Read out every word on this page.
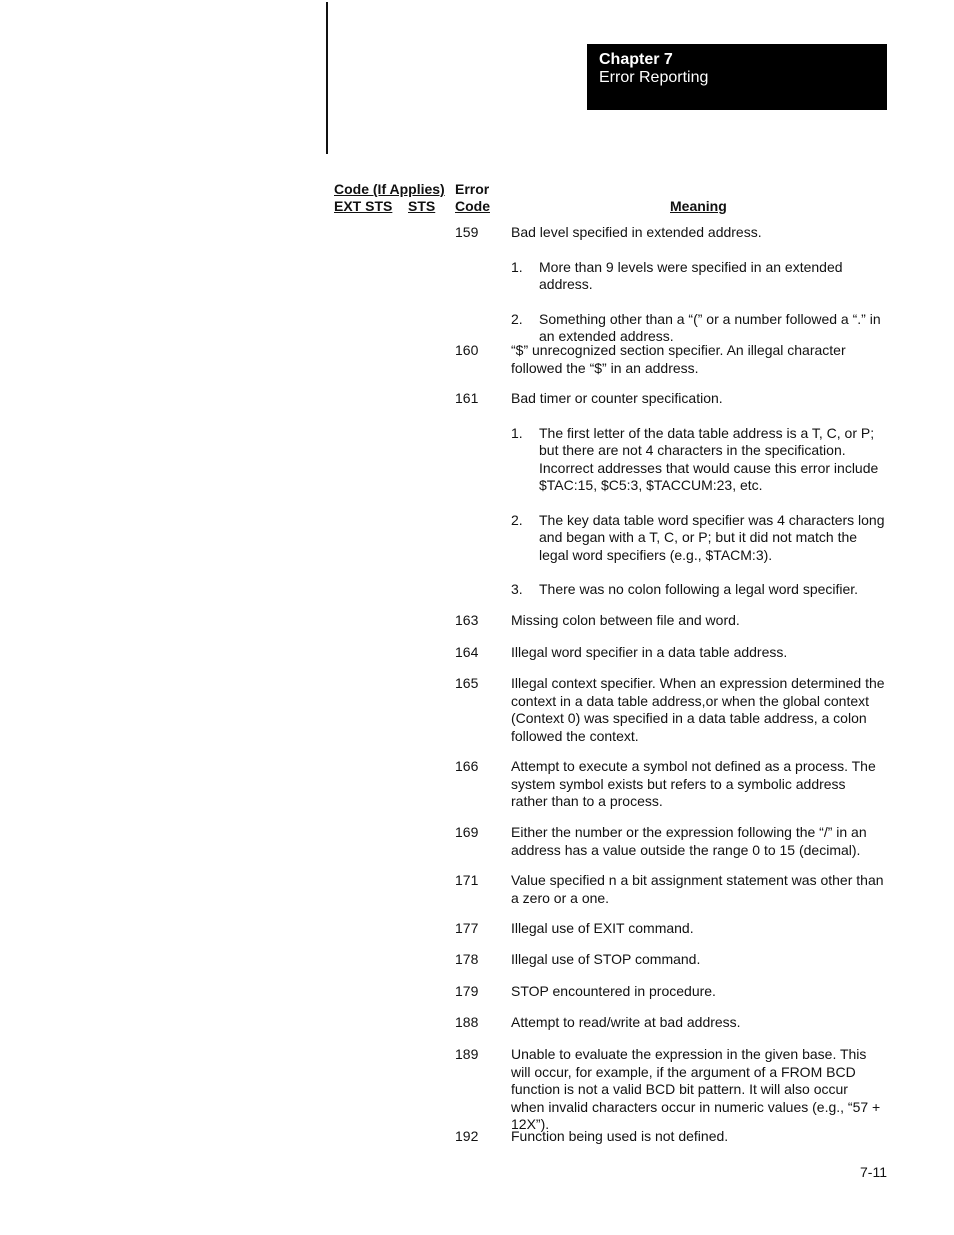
Chapter 7
Error Reporting
Code (If Applies)
EXT STS STS
Error
Code	Meaning
159	Bad level specified in extended address.
1. More than 9 levels were specified in an extended address.
2. Something other than a “(” or a number followed a “.” in an extended address.
160	“$” unrecognized section specifier. An illegal character followed the “$” in an address.
161	Bad timer or counter specification.
1. The first letter of the data table address is a T, C, or P; but there are not 4 characters in the specification. Incorrect addresses that would cause this error include $TAC:15, $C5:3, $TACCUM:23, etc.
2. The key data table word specifier was 4 characters long and began with a T, C, or P; but it did not match the legal word specifiers (e.g., $TACM:3).
3. There was no colon following a legal word specifier.
163	Missing colon between file and word.
164	Illegal word specifier in a data table address.
165	Illegal context specifier. When an expression determined the context in a data table address,or when the global context (Context 0) was specified in a data table address, a colon followed the context.
166	Attempt to execute a symbol not defined as a process. The system symbol exists but refers to a symbolic address rather than to a process.
169	Either the number or the expression following the “/” in an address has a value outside the range 0 to 15 (decimal).
171	Value specified n a bit assignment statement was other than a zero or a one.
177	Illegal use of EXIT command.
178	Illegal use of STOP command.
179	STOP encountered in procedure.
188	Attempt to read/write at bad address.
189	Unable to evaluate the expression in the given base. This will occur, for example, if the argument of a FROM BCD function is not a valid BCD bit pattern. It will also occur when invalid characters occur in numeric values (e.g., “57 + 12X”).
192	Function being used is not defined.
7-11
